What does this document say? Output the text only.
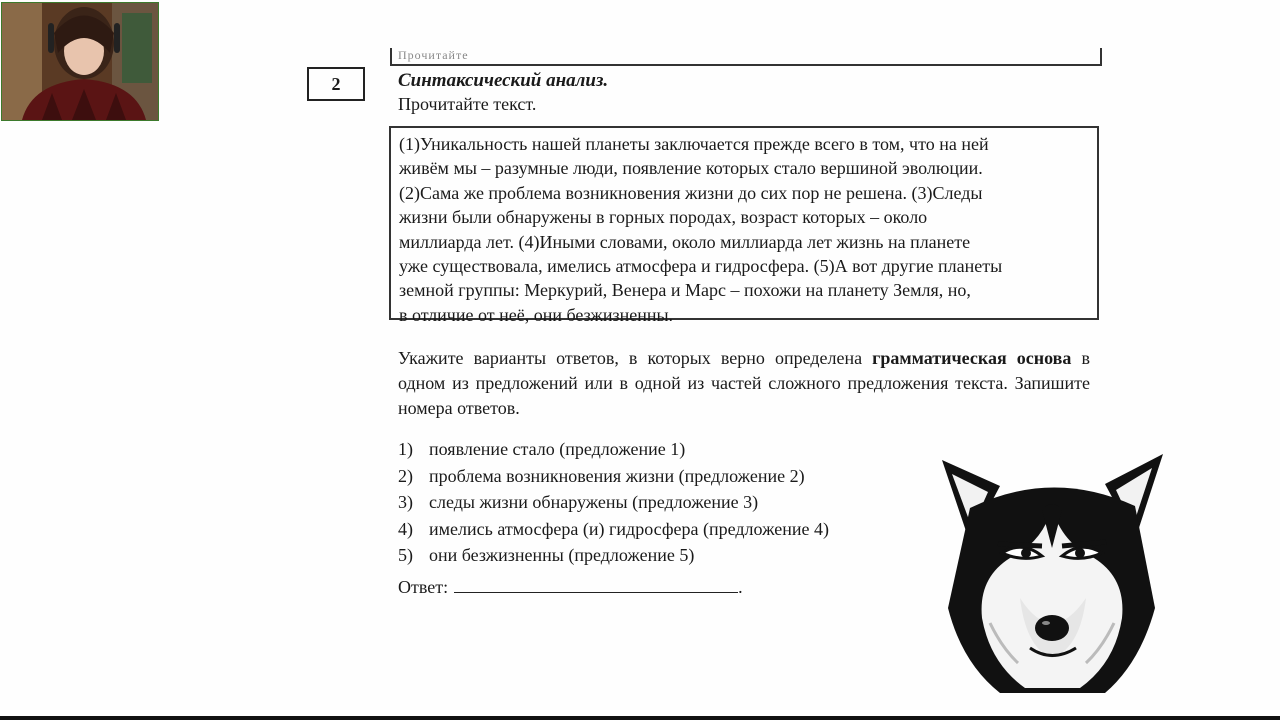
Прочитайте
2	Синтаксический анализ.
Прочитайте текст.
(1)Уникальность нашей планеты заключается прежде всего в том, что на ней
живём мы – разумные люди, появление которых стало вершиной эволюции.
(2)Сама же проблема возникновения жизни до сих пор не решена. (3)Следы
жизни были обнаружены в горных породах, возраст которых – около
миллиарда лет. (4)Иными словами, около миллиарда лет жизнь на планете
уже существовала, имелись атмосфера и гидросфера. (5)А вот другие планеты
земной группы: Меркурий, Венера и Марс – похожи на планету Земля, но,
в отличие от неё, они безжизненны.
Укажите варианты ответов, в которых верно определена грамматическая основа в одном из предложений или в одной из частей сложного предложения текста. Запишите номера ответов.
1) появление стало (предложение 1)
2) проблема возникновения жизни (предложение 2)
3) следы жизни обнаружены (предложение 3)
4) имелись атмосфера (и) гидросфера (предложение 4)
5) они безжизненны (предложение 5)
Ответ:	.
